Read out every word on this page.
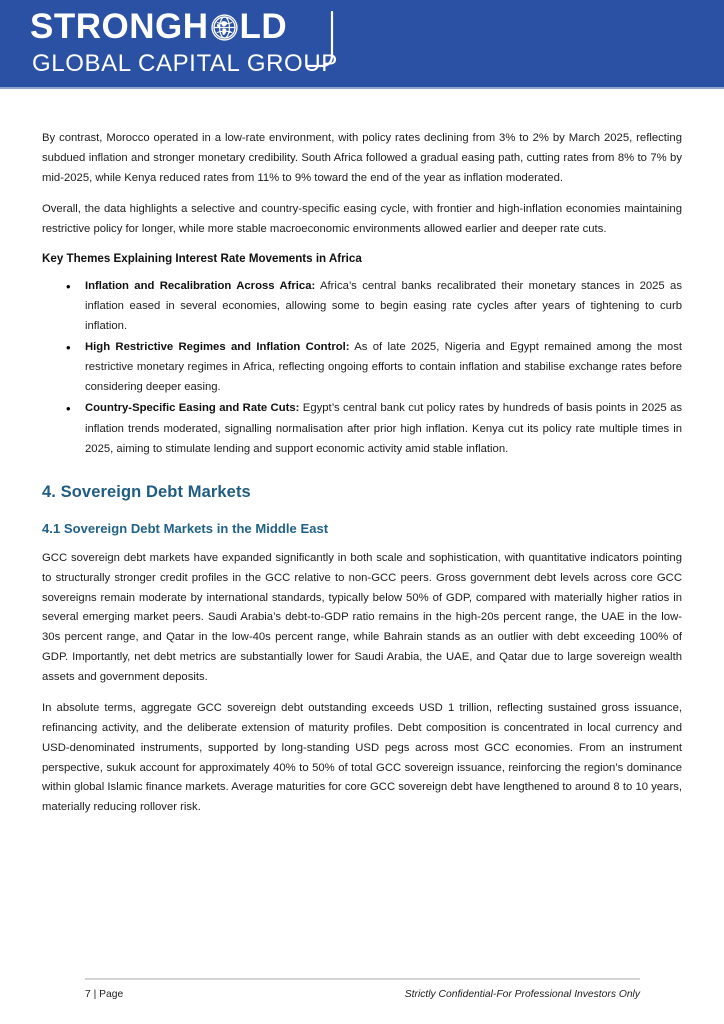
STRONGH LD
GLOBAL CAPITAL GROUP

By contrast, Morocco operated in a low-rate environment, with policy rates declining from 3% to 2% by March 2025, reflecting subdued inflation and stronger monetary credibility. South Africa followed a gradual easing path, cutting rates from 8% to 7% by mid-2025, while Kenya reduced rates from 11% to 9% toward the end of the year as inflation moderated.

Overall, the data highlights a selective and country-specific easing cycle, with frontier and high-inflation economies maintaining restrictive policy for longer, while more stable macroeconomic environments allowed earlier and deeper rate cuts.

Key Themes Explaining Interest Rate Movements in Africa
• Inflation and Recalibration Across Africa: Africa’s central banks recalibrated their monetary stances in 2025 as inflation eased in several economies, allowing some to begin easing rate cycles after years of tightening to curb inflation.
• High Restrictive Regimes and Inflation Control: As of late 2025, Nigeria and Egypt remained among the most restrictive monetary regimes in Africa, reflecting ongoing efforts to contain inflation and stabilise exchange rates before considering deeper easing.
• Country-Specific Easing and Rate Cuts: Egypt’s central bank cut policy rates by hundreds of basis points in 2025 as inflation trends moderated, signalling normalisation after prior high inflation. Kenya cut its policy rate multiple times in 2025, aiming to stimulate lending and support economic activity amid stable inflation.
4. Sovereign Debt Markets
4.1 Sovereign Debt Markets in the Middle East

GCC sovereign debt markets have expanded significantly in both scale and sophistication, with quantitative indicators pointing to structurally stronger credit profiles in the GCC relative to non-GCC peers. Gross government debt levels across core GCC sovereigns remain moderate by international standards, typically below 50% of GDP, compared with materially higher ratios in several emerging market peers. Saudi Arabia’s debt-to-GDP ratio remains in the high-20s percent range, the UAE in the low-30s percent range, and Qatar in the low-40s percent range, while Bahrain stands as an outlier with debt exceeding 100% of GDP. Importantly, net debt metrics are substantially lower for Saudi Arabia, the UAE, and Qatar due to large sovereign wealth assets and government deposits.

In absolute terms, aggregate GCC sovereign debt outstanding exceeds USD 1 trillion, reflecting sustained gross issuance, refinancing activity, and the deliberate extension of maturity profiles. Debt composition is concentrated in local currency and USD-denominated instruments, supported by long-standing USD pegs across most GCC economies. From an instrument perspective, sukuk account for approximately 40% to 50% of total GCC sovereign issuance, reinforcing the region’s dominance within global Islamic finance markets. Average maturities for core GCC sovereign debt have lengthened to around 8 to 10 years, materially reducing rollover risk.

7 | Page	Strictly Confidential-For Professional Investors Only
